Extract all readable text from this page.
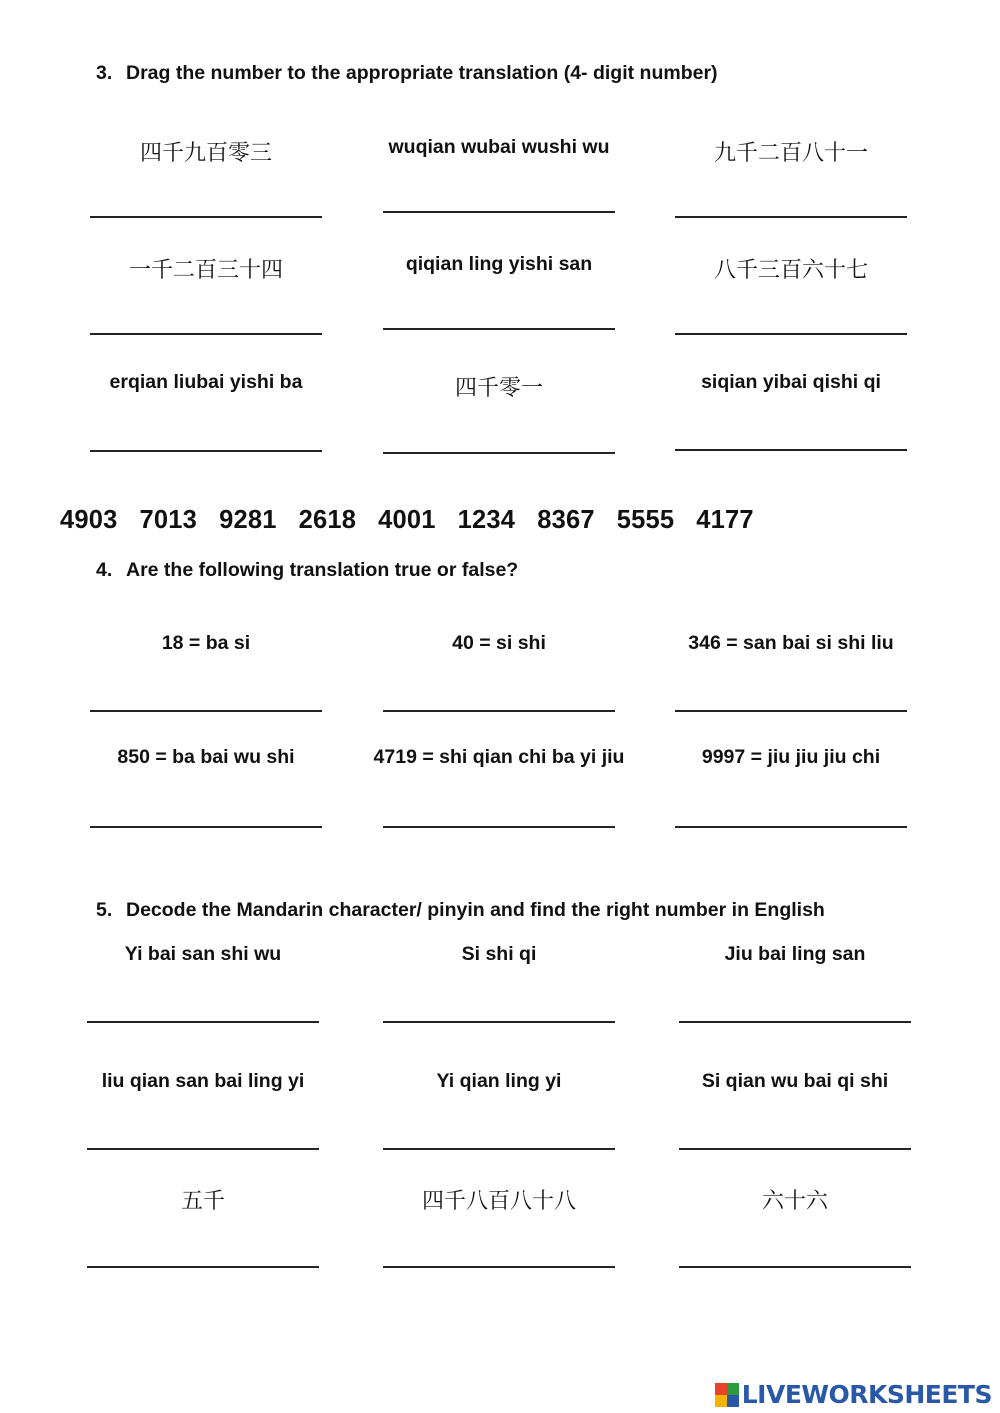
3. Drag the number to the appropriate translation (4- digit number)
四千九百零三	wuqian wubai wushi wu	九千二百八十一
一千二百三十四	qiqian ling yishi san	八千三百六十七
erqian liubai yishi ba	四千零一	siqian yibai qishi qi
4903 7013 9281 2618 4001 1234 8367 5555 4177
4. Are the following translation true or false?
18 = ba si	40 = si shi	346 = san bai si shi liu
850 = ba bai wu shi	4719 = shi qian chi ba yi jiu	9997 = jiu jiu jiu chi
5. Decode the Mandarin character/ pinyin and find the right number in English
Yi bai san shi wu	Si shi qi	Jiu bai ling san
liu qian san bai ling yi	Yi qian ling yi	Si qian wu bai qi shi
五千	四千八百八十八	六十六
LIVEWORKSHEETS
